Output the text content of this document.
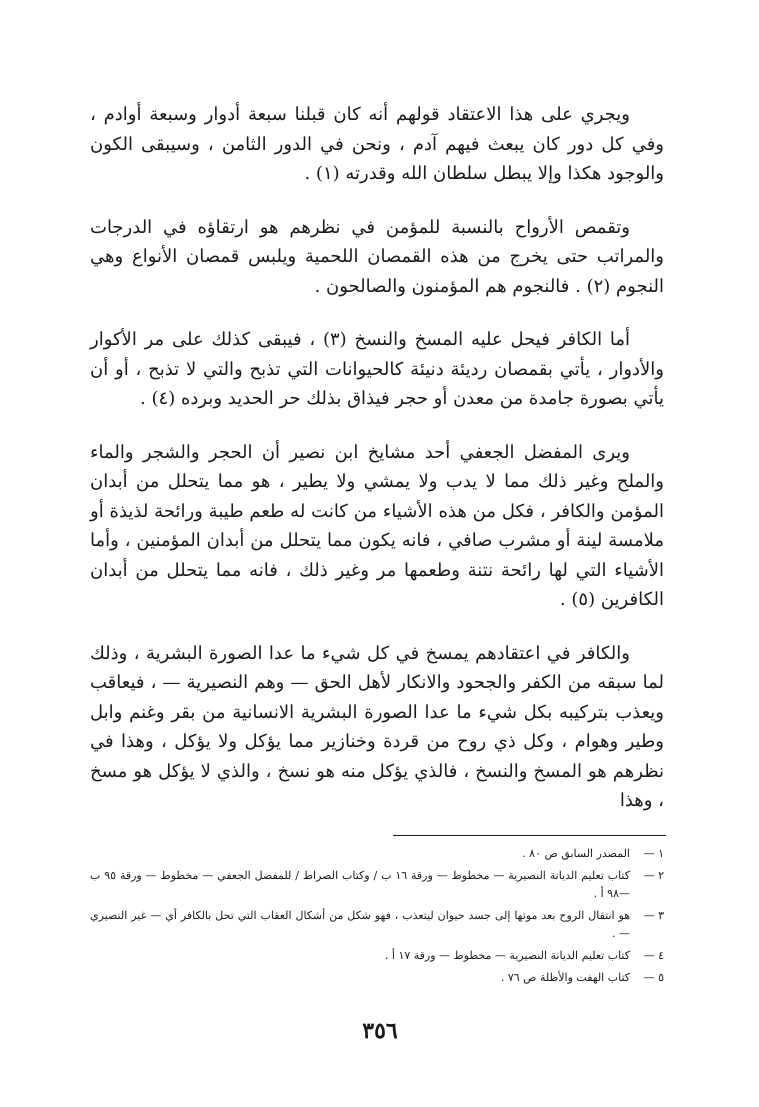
ويجري على هذا الاعتقاد قولهم أنه كان قبلنا سبعة أدوار وسبعة أوادم ، وفي كل دور كان يبعث فيهم آدم ، ونحن في الدور الثامن ، وسيبقى الكون والوجود هكذا وإلا يبطل سلطان الله وقدرته (١) .

وتقمص الأرواح بالنسبة للمؤمن في نظرهم هو ارتقاؤه في الدرجات والمراتب حتى يخرج من هذه القمصان اللحمية ويلبس قمصان الأنواع وهي النجوم (٢) . فالنجوم هم المؤمنون والصالحون .

أما الكافر فيحل عليه المسخ والنسخ (٣) ، فيبقى كذلك على مر الأكوار والأدوار ، يأتي بقمصان رديئة دنيئة كالحيوانات التي تذبح والتي لا تذبح ، أو أن يأتي بصورة جامدة من معدن أو حجر فيذاق بذلك حر الحديد وبرده (٤) .

ويرى المفضل الجعفي أحد مشايخ ابن نصير أن الحجر والشجر والماء والملح وغير ذلك مما لا يدب ولا يمشي ولا يطير ، هو مما يتحلل من أبدان المؤمن والكافر ، فكل من هذه الأشياء من كانت له طعم طيبة ورائحة لذيذة أو ملامسة لينة أو مشرب صافي ، فانه يكون مما يتحلل من أبدان المؤمنين ، وأما الأشياء التي لها رائحة نتنة وطعمها مر وغير ذلك ، فانه مما يتحلل من أبدان الكافرين (٥) .

والكافر في اعتقادهم يمسخ في كل شيء ما عدا الصورة البشرية ، وذلك لما سبقه من الكفر والجحود والانكار لأهل الحق — وهم النصيرية — ، فيعاقب ويعذب بتركيبه بكل شيء ما عدا الصورة البشرية الانسانية من بقر وغنم وابل وطير وهوام ، وكل ذي روح من قردة وخنازير مما يؤكل ولا يؤكل ، وهذا في نظرهم هو المسخ والنسخ ، فالذي يؤكل منه هو نسخ ، والذي لا يؤكل هو مسخ ، وهذا

١ —
المصدر السابق ص ٨٠ .
٢ —
كتاب تعليم الديانة النصيرية — مخطوط — ورقة ١٦ ب / وكتاب الصراط / للمفضل الجعفي — مخطوط — ورقة ٩٥ ب —٩٨ أ .
٣ —
هو انتقال الروح بعد موتها إلى جسد حيوان ليتعذب ، فهو شكل من أشكال العقاب التي تحل بالكافر أي — غير النصيري — .
٤ —
كتاب تعليم الديانة النصيرية — مخطوط — ورقة ١٧ أ .
٥ —
كتاب الهفت والأظلة ص ٧٦ .
٣٥٦
